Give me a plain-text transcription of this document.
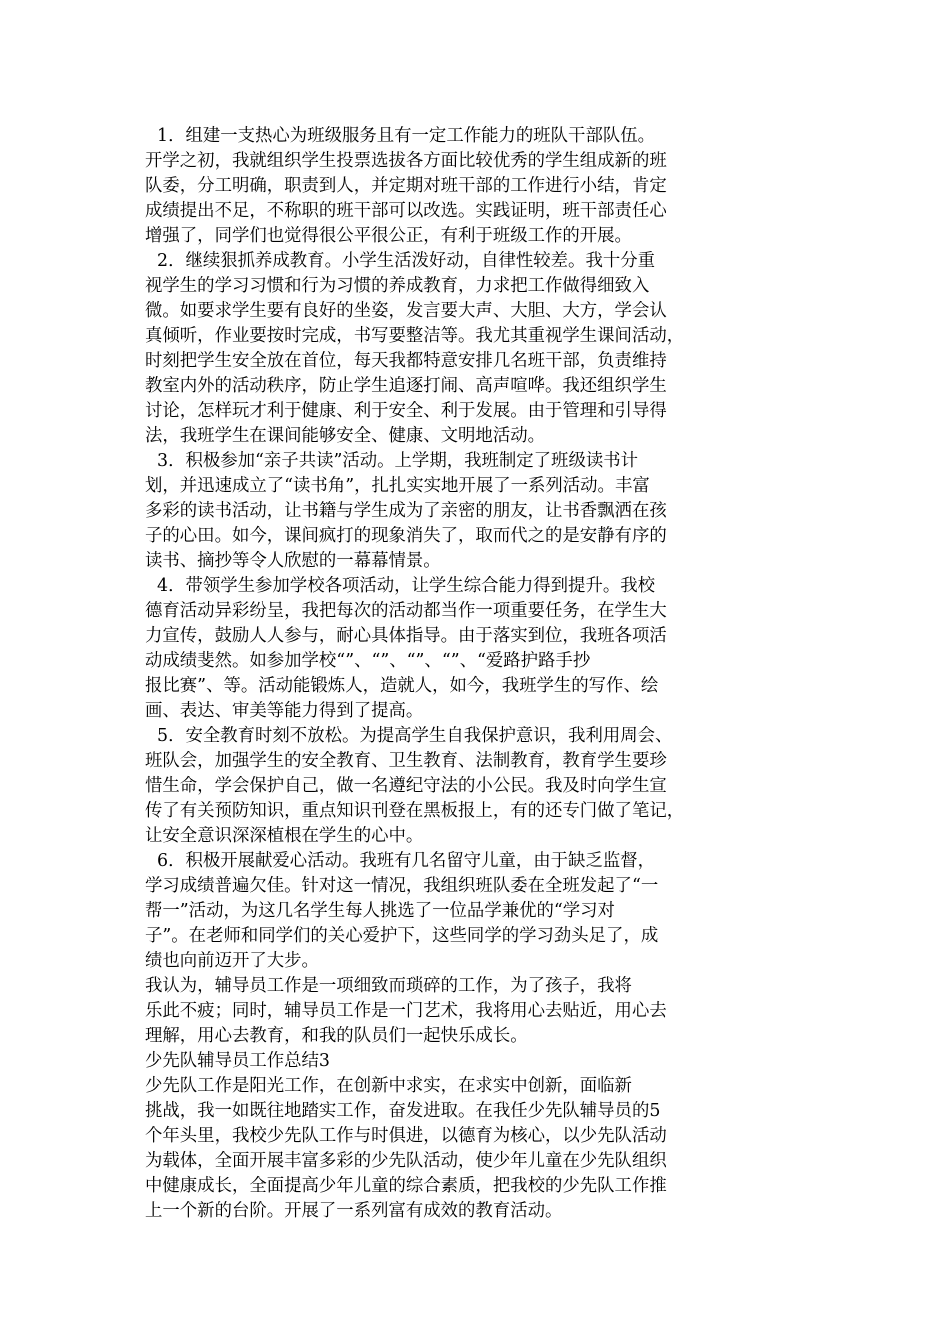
1．组建一支热心为班级服务且有一定工作能力的班队干部队伍。
开学之初，我就组织学生投票选拔各方面比较优秀的学生组成新的班
队委，分工明确，职责到人，并定期对班干部的工作进行小结，肯定
成绩提出不足，不称职的班干部可以改选。实践证明，班干部责任心
增强了，同学们也觉得很公平很公正，有利于班级工作的开展。
2．继续狠抓养成教育。小学生活泼好动，自律性较差。我十分重
视学生的学习习惯和行为习惯的养成教育，力求把工作做得细致入
微。如要求学生要有良好的坐姿，发言要大声、大胆、大方，学会认
真倾听，作业要按时完成，书写要整洁等。我尤其重视学生课间活动，
时刻把学生安全放在首位，每天我都特意安排几名班干部，负责维持
教室内外的活动秩序，防止学生追逐打闹、高声喧哗。我还组织学生
讨论，怎样玩才利于健康、利于安全、利于发展。由于管理和引导得
法，我班学生在课间能够安全、健康、文明地活动。
3．积极参加“亲子共读”活动。上学期，我班制定了班级读书计
划，并迅速成立了“读书角”，扎扎实实地开展了一系列活动。丰富
多彩的读书活动，让书籍与学生成为了亲密的朋友，让书香飘洒在孩
子的心田。如今，课间疯打的现象消失了，取而代之的是安静有序的
读书、摘抄等令人欣慰的一幕幕情景。
4．带领学生参加学校各项活动，让学生综合能力得到提升。我校
德育活动异彩纷呈，我把每次的活动都当作一项重要任务，在学生大
力宣传，鼓励人人参与，耐心具体指导。由于落实到位，我班各项活
动成绩斐然。如参加学校“”、“”、“”、“”、“爱路护路手抄
报比赛”、等。活动能锻炼人，造就人，如今，我班学生的写作、绘
画、表达、审美等能力得到了提高。
5．安全教育时刻不放松。为提高学生自我保护意识，我利用周会、
班队会，加强学生的安全教育、卫生教育、法制教育，教育学生要珍
惜生命，学会保护自己，做一名遵纪守法的小公民。我及时向学生宣
传了有关预防知识，重点知识刊登在黑板报上，有的还专门做了笔记，
让安全意识深深植根在学生的心中。
6．积极开展献爱心活动。我班有几名留守儿童，由于缺乏监督，
学习成绩普遍欠佳。针对这一情况，我组织班队委在全班发起了“一
帮一”活动，为这几名学生每人挑选了一位品学兼优的“学习对
子”。在老师和同学们的关心爱护下，这些同学的学习劲头足了，成
绩也向前迈开了大步。
我认为，辅导员工作是一项细致而琐碎的工作，为了孩子，我将
乐此不疲；同时，辅导员工作是一门艺术，我将用心去贴近，用心去
理解，用心去教育，和我的队员们一起快乐成长。
少先队辅导员工作总结3
少先队工作是阳光工作，在创新中求实，在求实中创新，面临新
挑战，我一如既往地踏实工作，奋发进取。在我任少先队辅导员的5
个年头里，我校少先队工作与时俱进，以德育为核心，以少先队活动
为载体，全面开展丰富多彩的少先队活动，使少年儿童在少先队组织
中健康成长，全面提高少年儿童的综合素质，把我校的少先队工作推
上一个新的台阶。开展了一系列富有成效的教育活动。
